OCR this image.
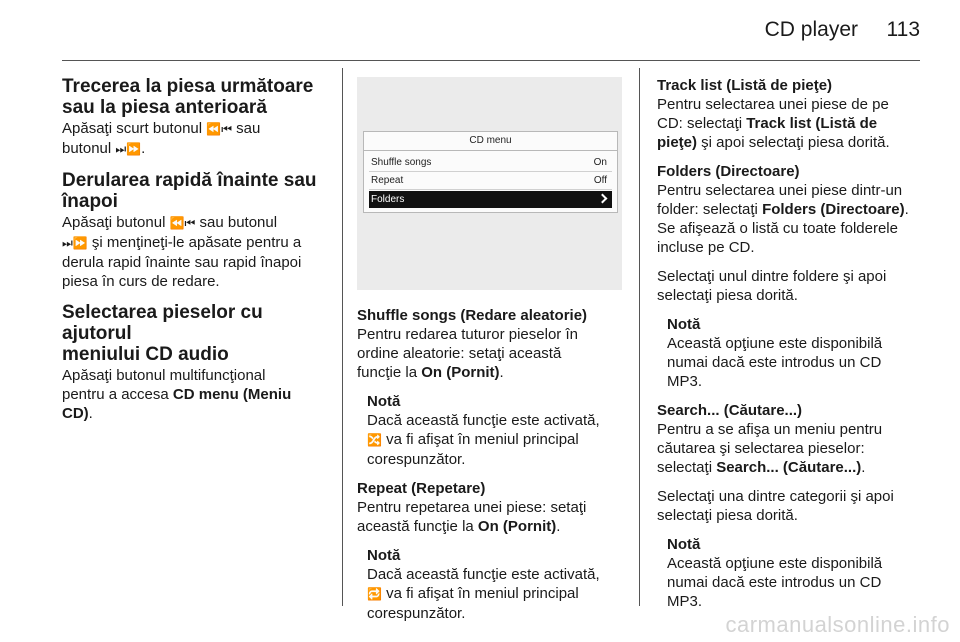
CD player 113
Trecerea la piesa următoare
sau la piesa anterioară
Apăsaţi scurt butonul ⏪⏮ sau
butonul ⏭⏩.
Derularea rapidă înainte sau
înapoi
Apăsaţi butonul ⏪⏮ sau butonul
⏭⏩ şi menţineţi-le apăsate pentru a
derula rapid înainte sau rapid înapoi
piesa în curs de redare.
Selectarea pieselor cu ajutorul
meniului CD audio
Apăsaţi butonul multifuncţional
pentru a accesa CD menu (Meniu
CD).
CD menu
Shuffle songs	On
Repeat	Off
Folders
Shuffle songs (Redare aleatorie)
Pentru redarea tuturor pieselor în
ordine aleatorie: setaţi această
funcţie la On (Pornit).
Notă
Dacă această funcţie este activată,
🔀 va fi afişat în meniul principal
corespunzător.
Repeat (Repetare)
Pentru repetarea unei piese: setaţi
această funcţie la On (Pornit).
Notă
Dacă această funcţie este activată,
🔁 va fi afişat în meniul principal
corespunzător.
Track list (Listă de pieţe)
Pentru selectarea unei piese de pe
CD: selectaţi Track list (Listă de
pieţe) şi apoi selectaţi piesa dorită.
Folders (Directoare)
Pentru selectarea unei piese dintr-un
folder: selectaţi Folders (Directoare).
Se afişează o listă cu toate folderele
incluse pe CD.
Selectaţi unul dintre foldere şi apoi
selectaţi piesa dorită.
Notă
Această opţiune este disponibilă
numai dacă este introdus un CD
MP3.
Search... (Căutare...)
Pentru a se afişa un meniu pentru
căutarea şi selectarea pieselor:
selectaţi Search... (Căutare...).
Selectaţi una dintre categorii şi apoi
selectaţi piesa dorită.
Notă
Această opţiune este disponibilă
numai dacă este introdus un CD
MP3.
carmanualsonline.info
